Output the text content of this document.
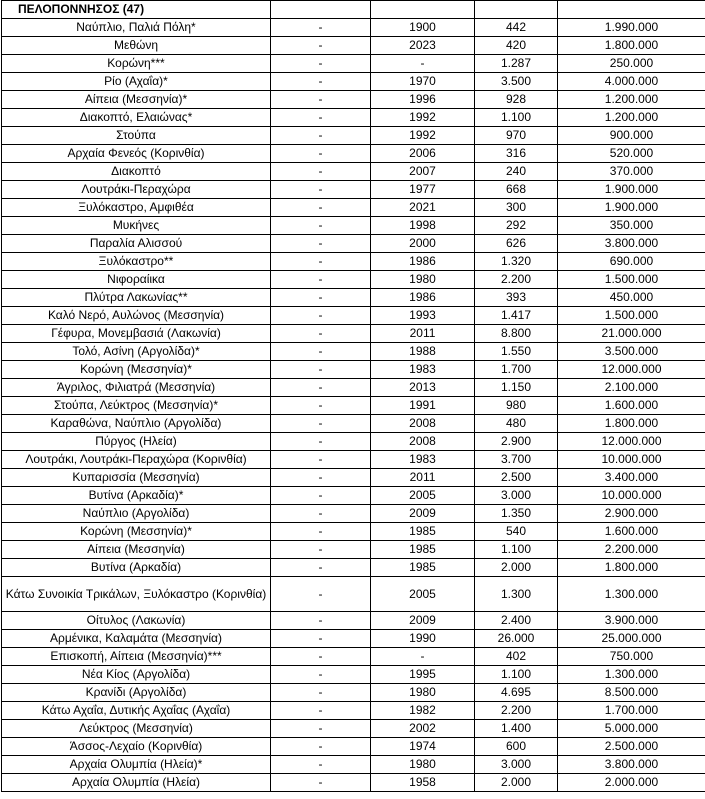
ΠΕΛΟΠΟΝΝΗΣΟΣ (47)				
Ναύπλιο, Παλιά Πόλη*	-	1900	442	1.990.000
Μεθώνη	-	2023	420	1.800.000
Κορώνη***	-	-	1.287	250.000
Ρίο (Αχαΐα)*	-	1970	3.500	4.000.000
Αίπεια (Μεσσηνία)*	-	1996	928	1.200.000
Διακοπτό, Ελαιώνας*	-	1992	1.100	1.200.000
Στούπα	-	1992	970	900.000
Αρχαία Φενεός (Κορινθία)	-	2006	316	520.000
Διακοπτό	-	2007	240	370.000
Λουτράκι-Περαχώρα	-	1977	668	1.900.000
Ξυλόκαστρο, Αμφιθέα	-	2021	300	1.900.000
Μυκήνες	-	1998	292	350.000
Παραλία Αλισσού	-	2000	626	3.800.000
Ξυλόκαστρο**	-	1986	1.320	690.000
Νιφοραίικα	-	1980	2.200	1.500.000
Πλύτρα Λακωνίας**	-	1986	393	450.000
Καλό Νερό, Αυλώνος (Μεσσηνία)	-	1993	1.417	1.500.000
Γέφυρα, Μονεμβασιά (Λακωνία)	-	2011	8.800	21.000.000
Τολό, Ασίνη (Αργολίδα)*	-	1988	1.550	3.500.000
Κορώνη (Μεσσηνία)*	-	1983	1.700	12.000.000
Άγριλος, Φιλιατρά (Μεσσηνία)	-	2013	1.150	2.100.000
Στούπα, Λεύκτρος (Μεσσηνία)*	-	1991	980	1.600.000
Καραθώνα, Ναύπλιο (Αργολίδα)	-	2008	480	1.800.000
Πύργος (Ηλεία)	-	2008	2.900	12.000.000
Λουτράκι, Λουτράκι-Περαχώρα (Κορινθία)	-	1983	3.700	10.000.000
Κυπαρισσία (Μεσσηνία)	-	2011	2.500	3.400.000
Βυτίνα (Αρκαδία)*	-	2005	3.000	10.000.000
Ναύπλιο (Αργολίδα)	-	2009	1.350	2.900.000
Κορώνη (Μεσσηνία)*	-	1985	540	1.600.000
Αίπεια (Μεσσηνία)	-	1985	1.100	2.200.000
Βυτίνα (Αρκαδία)	-	1985	2.000	1.800.000
Κάτω Συνοικία Τρικάλων, Ξυλόκαστρο (Κορινθία)	-	2005	1.300	1.300.000
Οίτυλος (Λακωνία)	-	2009	2.400	3.900.000
Αρμένικα, Καλαμάτα (Μεσσηνία)	-	1990	26.000	25.000.000
Επισκοπή, Αίπεια (Μεσσηνία)***	-	-	402	750.000
Νέα Κίος (Αργολίδα)	-	1995	1.100	1.300.000
Κρανίδι (Αργολίδα)	-	1980	4.695	8.500.000
Κάτω Αχαΐα, Δυτικής Αχαΐας (Αχαΐα)	-	1982	2.200	1.700.000
Λεύκτρος (Μεσσηνία)	-	2002	1.400	5.000.000
Άσσος-Λεχαίο (Κορινθία)	-	1974	600	2.500.000
Αρχαία Ολυμπία (Ηλεία)*	-	1980	3.000	3.800.000
Αρχαία Ολυμπία (Ηλεία)	-	1958	2.000	2.000.000
